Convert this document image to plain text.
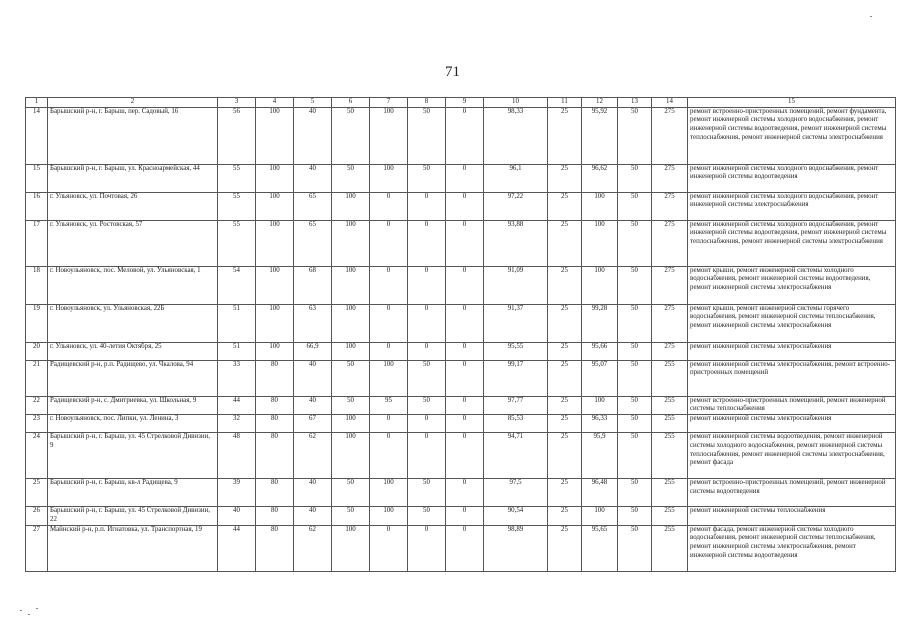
71
1	2	3	4	5	6	7	8	9	10	11	12	13	14	15
14	Барышский р-н, г. Барыш, пер. Садовый, 16	56	100	40	50	100	50	0	98,33	25	95,92	50	275	ремонт встроенно-пристроенных помещений, ремонт фундамента, ремонт инженерной системы холодного водоснабжения, ремонт инженерной системы водоотведения, ремонт инженерной системы теплоснабжения, ремонт инженерной системы электроснабжения
15	Барышский р-н, г. Барыш, ул. Красноармейская, 44	55	100	40	50	100	50	0	96,1	25	96,62	50	275	ремонт инженерной системы холодного водоснабжения, ремонт инженерной системы водоотведения
16	г. Ульяновск, ул. Почтовая, 26	55	100	65	100	0	0	0	97,22	25	100	50	275	ремонт инженерной системы холодного водоснабжения, ремонт инженерной системы электроснабжения
17	г. Ульяновск, ул. Ростовская, 57	55	100	65	100	0	0	0	93,88	25	100	50	275	ремонт инженерной системы холодного водоснабжения, ремонт инженерной системы водоотведения, ремонт инженерной системы теплоснабжения, ремонт инженерной системы электроснабжения
18	г. Новоульяновск, пос. Меловой, ул. Ульяновская, 1	54	100	68	100	0	0	0	91,09	25	100	50	275	ремонт крыши, ремонт инженерной системы холодного водоснабжения, ремонт инженерной системы водоотведения, ремонт инженерной системы электроснабжения
19	г. Новоульяновск, ул. Ульяновская, 22Б	51	100	63	100	0	0	0	91,37	25	99,28	50	275	ремонт крыши, ремонт инженерной системы горячего водоснабжения, ремонт инженерной системы теплоснабжения, ремонт инженерной системы электроснабжения
20	г. Ульяновск, ул. 40-летия Октября, 25	51	100	66,9	100	0	0	0	95,55	25	95,66	50	275	ремонт инженерной системы электроснабжения
21	Радищевский р-н, р.п. Радищево, ул. Чкалова, 94	33	80	40	50	100	50	0	99,17	25	95,07	50	255	ремонт инженерной системы электроснабжения, ремонт встроенно-пристроенных помещений
22	Радищевский р-н, с. Дмитриевка, ул. Школьная, 9	44	80	40	50	95	50	0	97,77	25	100	50	255	ремонт встроенно-пристроенных помещений, ремонт инженерной системы теплоснабжения
23	г. Новоульяновск, пос. Липки, ул. Ленина, 3	32	80	67	100	0	0	0	85,53	25	96,33	50	255	ремонт инженерной системы электроснабжения
24	Барышский р-н, г. Барыш, ул. 45 Стрелковой Дивизии, 9	48	80	62	100	0	0	0	94,71	25	95,9	50	255	ремонт инженерной системы водоотведения, ремонт инженерной системы холодного водоснабжения, ремонт инженерной системы теплоснабжения, ремонт инженерной системы электроснабжения, ремонт фасада
25	Барышский р-н, г. Барыш, кв-л Радищева, 9	39	80	40	50	100	50	0	97,5	25	96,48	50	255	ремонт встроенно-пристроенных помещений, ремонт инженерной системы водоотведения
26	Барышский р-н, г. Барыш, ул. 45 Стрелковой Дивизии, 22	40	80	40	50	100	50	0	90,54	25	100	50	255	ремонт инженерной системы теплоснабжения
27	Майнский р-н, р.п. Игнатовка, ул. Транспортная, 19	44	80	62	100	0	0	0	98,89	25	95,65	50	255	ремонт фасада, ремонт инженерной системы холодного водоснабжения, ремонт инженерной системы теплоснабжения, ремонт инженерной системы электроснабжения, ремонт инженерной системы водоотведения
